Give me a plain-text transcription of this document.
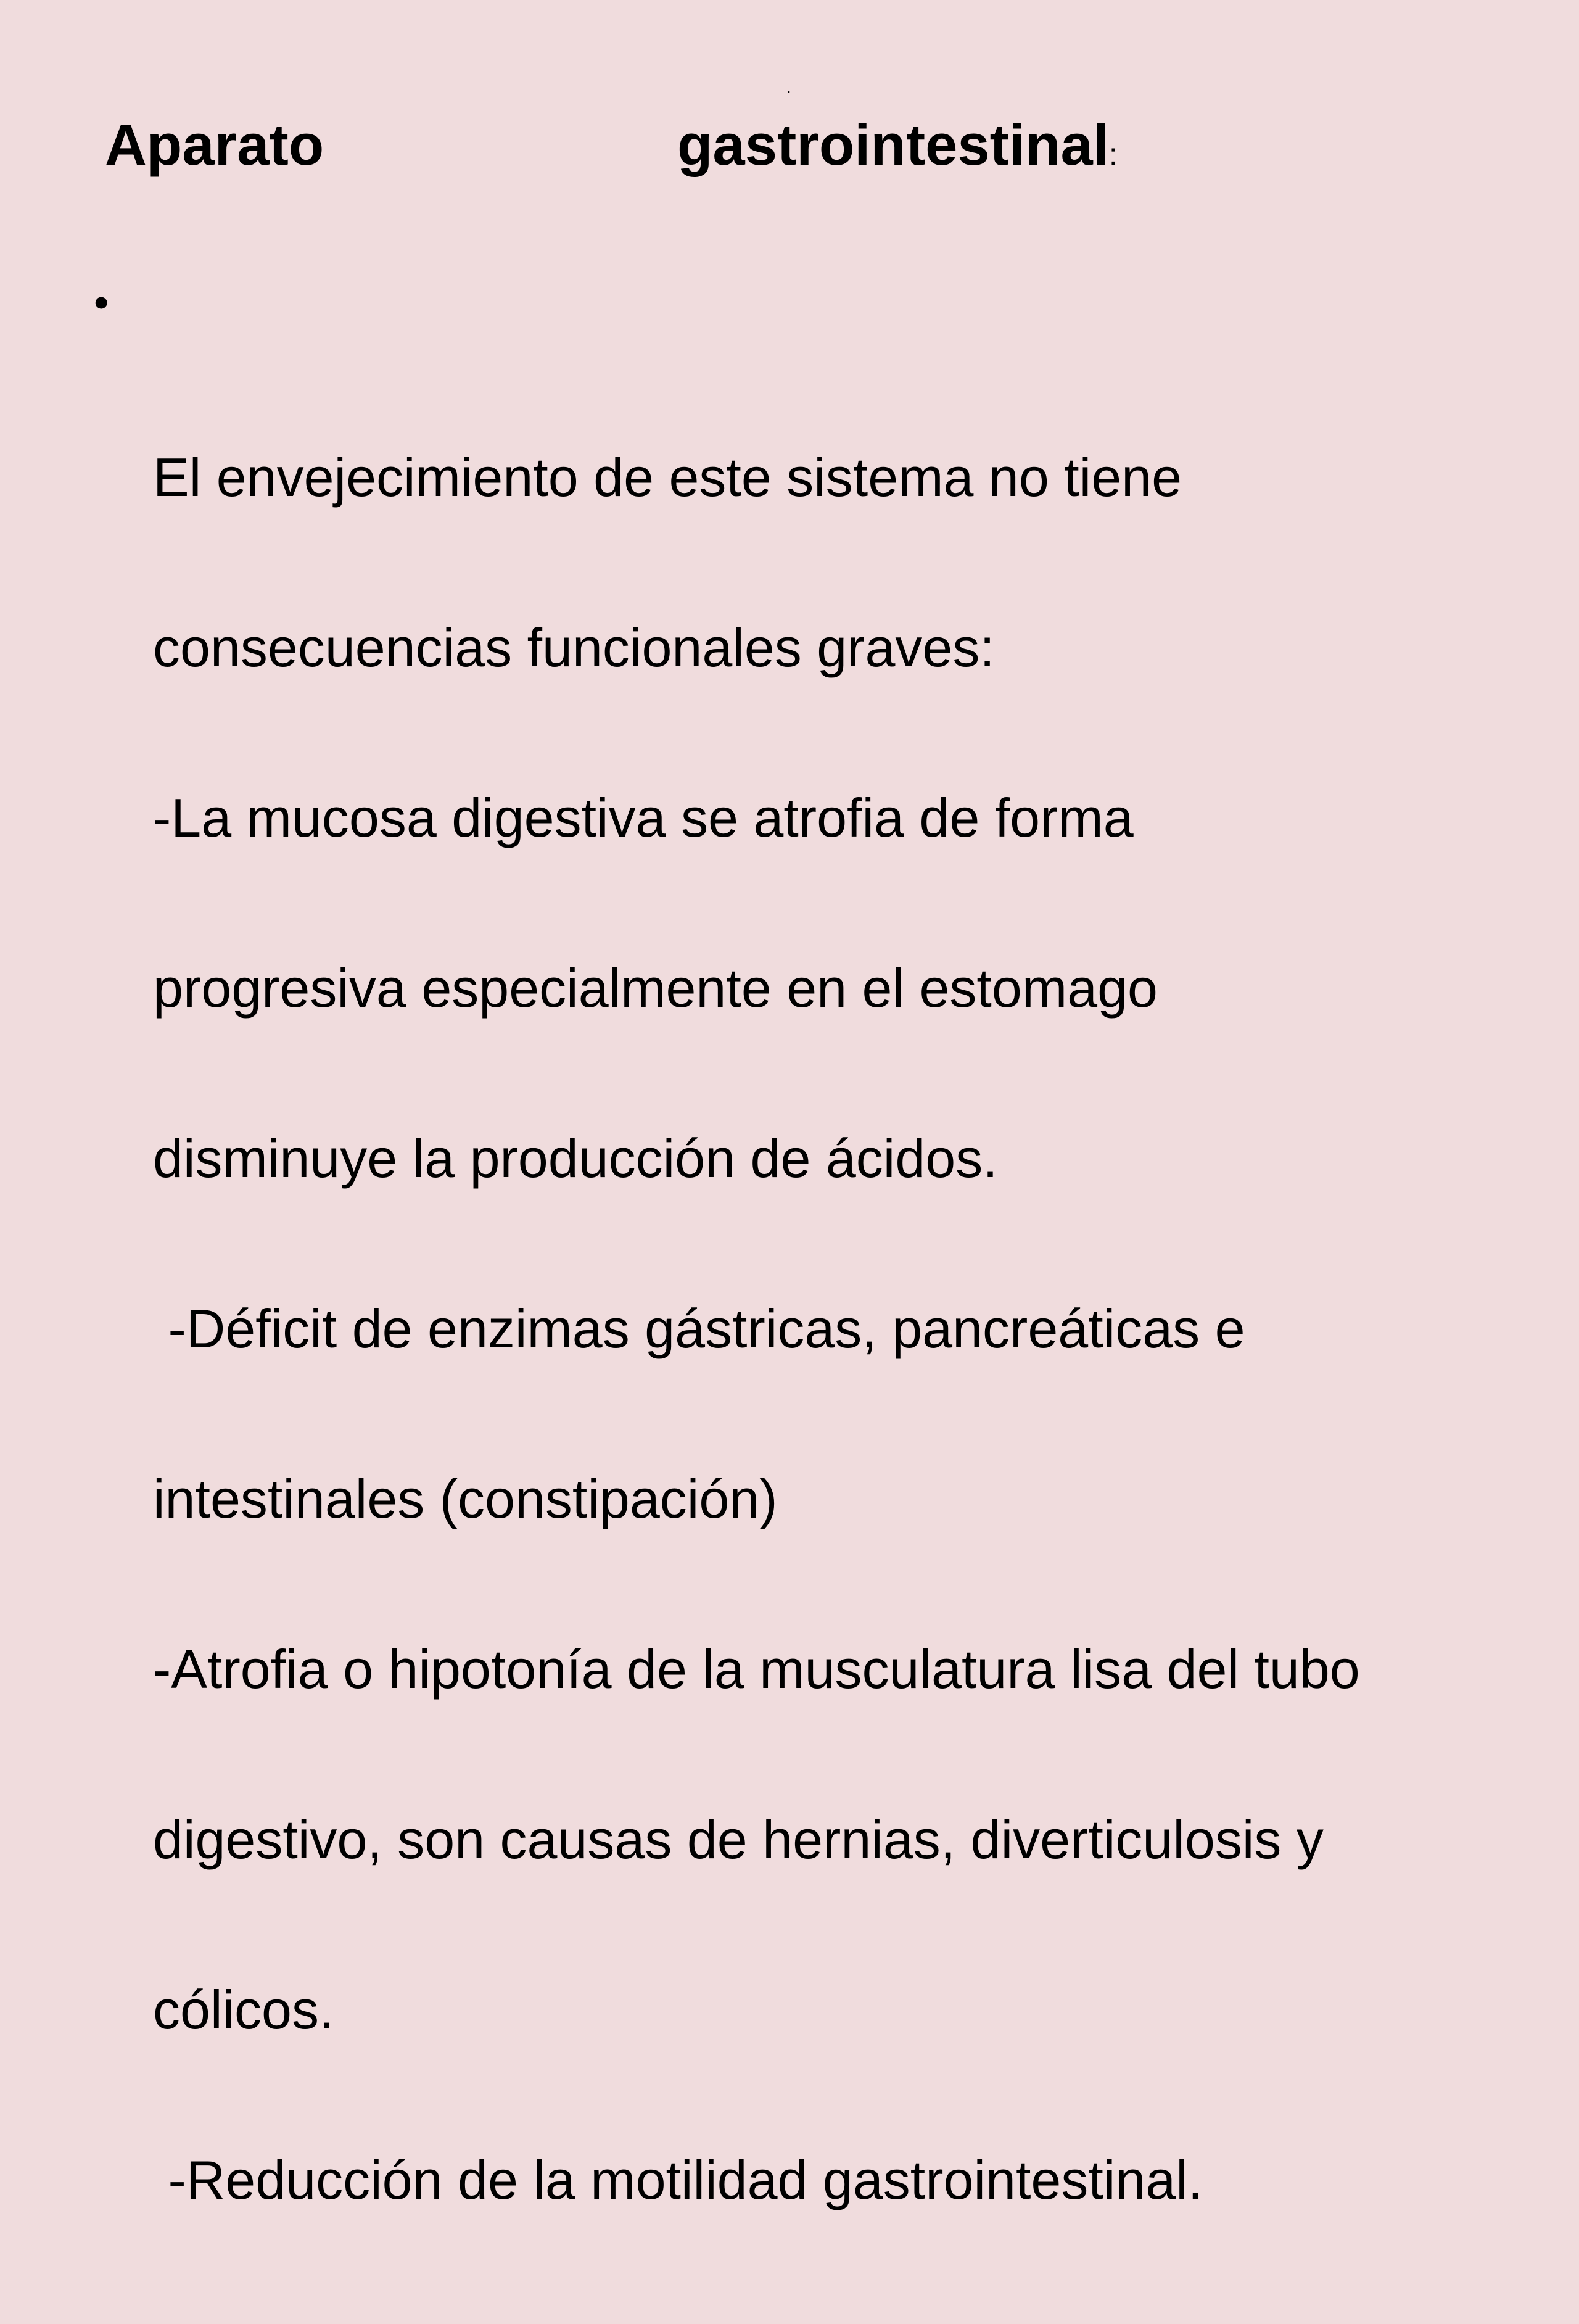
.
Aparato	gastrointestinal:
•

El envejecimiento de este sistema no tiene

consecuencias funcionales graves:

-La mucosa digestiva se atrofia de forma

progresiva especialmente en el estomago

disminuye la producción de ácidos.

-Déficit de enzimas gástricas, pancreáticas e

intestinales (constipación)

-Atrofia o hipotonía de la musculatura lisa del tubo

digestivo, son causas de hernias, diverticulosis y

cólicos.

-Reducción de la motilidad gastrointestinal.
